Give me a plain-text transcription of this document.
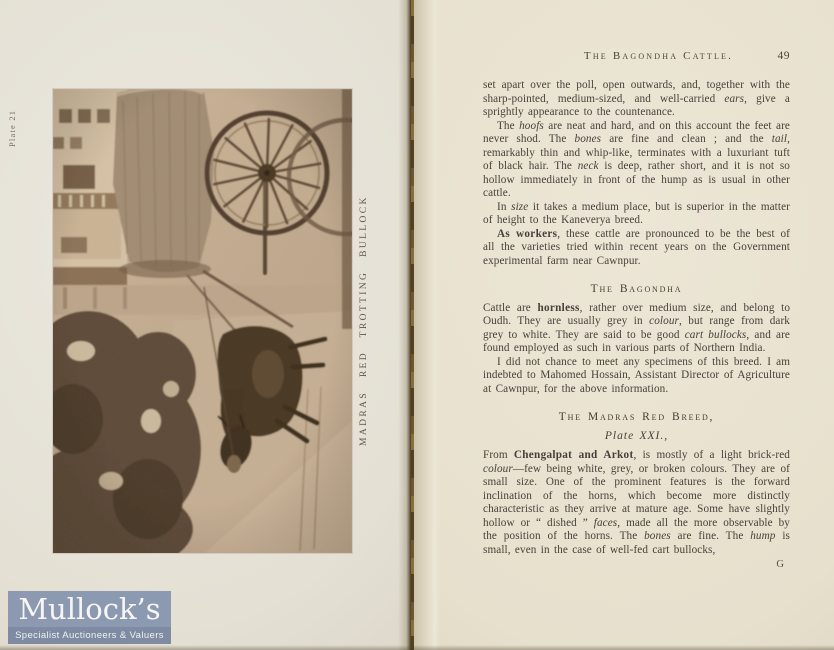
Plate 21
MADRAS RED TROTTING BULLOCK
The Bagondha Cattle.	49

set apart over the poll, open outwards, and, together with the sharp-pointed, medium-sized, and well-carried ears, give a sprightly appearance to the countenance.

The hoofs are neat and hard, and on this account the feet are never shod. The bones are fine and clean ; and the tail, remarkably thin and whip-like, terminates with a luxuriant tuft of black hair. The neck is deep, rather short, and it is not so hollow immediately in front of the hump as is usual in other cattle.

In size it takes a medium place, but is superior in the matter of height to the Kaneverya breed.

As workers, these cattle are pronounced to be the best of all the varieties tried within recent years on the Government experimental farm near Cawnpur.

The Bagondha

Cattle are hornless, rather over medium size, and belong to Oudh. They are usually grey in colour, but range from dark grey to white. They are said to be good cart bullocks, and are found employed as such in various parts of Northern India.

I did not chance to meet any specimens of this breed. I am indebted to Mahomed Hossain, Assistant Director of Agriculture at Cawnpur, for the above information.

The Madras Red Breed,
Plate XXI.,

From Chengalpat and Arkot, is mostly of a light brick-red colour—few being white, grey, or broken colours. They are of small size. One of the prominent features is the forward inclination of the horns, which become more distinctly characteristic as they arrive at mature age. Some have slightly hollow or “ dished ” faces, made all the more observable by the position of the horns. The bones are fine. The hump is small, even in the case of well-fed cart bullocks,

G
Mullock’s
Specialist Auctioneers & Valuers
